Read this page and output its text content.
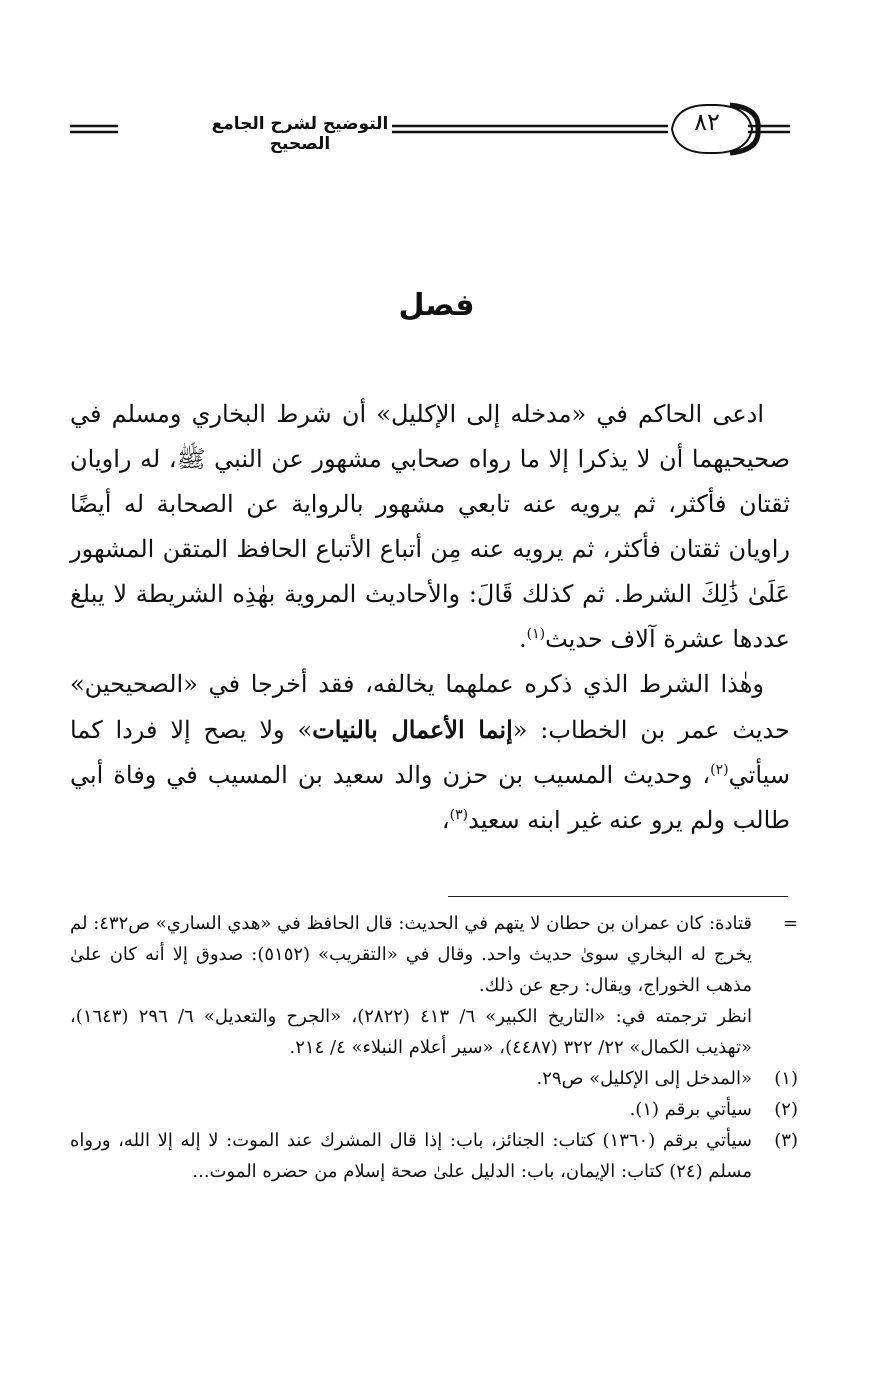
التوضيح لشرح الجامع الصحيح
٨٢
فصل

ادعى الحاكم في «مدخله إلى الإكليل» أن شرط البخاري ومسلم في صحيحيهما أن لا يذكرا إلا ما رواه صحابي مشهور عن النبي ﷺ، له راويان ثقتان فأكثر، ثم يرويه عنه تابعي مشهور بالرواية عن الصحابة له أيضًا راويان ثقتان فأكثر، ثم يرويه عنه مِن أتباع الأتباع الحافظ المتقن المشهور عَلَىٰ ذَٰلِكَ الشرط. ثم كذلك قَالَ: والأحاديث المروية بهٰذِه الشريطة لا يبلغ عددها عشرة آلاف حديث$^{(١)}$.

وهٰذا الشرط الذي ذكره عملهما يخالفه، فقد أخرجا في «الصحيحين» حديث عمر بن الخطاب: «إنما الأعمال بالنيات» ولا يصح إلا فردا كما سيأتي$^{(٢)}$، وحديث المسيب بن حزن والد سعيد بن المسيب في وفاة أبي طالب ولم يرو عنه غير ابنه سعيد$^{(٣)}$،

=
قتادة: كان عمران بن حطان لا يتهم في الحديث: قال الحافظ في «هدي الساري» ص٤٣٢: لم يخرج له البخاري سوىٰ حديث واحد. وقال في «التقريب» (٥١٥٢): صدوق إلا أنه كان علىٰ مذهب الخوراج، ويقال: رجع عن ذلك.
انظر ترجمته في: «التاريخ الكبير» ٦/ ٤١٣ (٢٨٢٢)، «الجرح والتعديل» ٦/ ٢٩٦ (١٦٤٣)، «تهذيب الكمال» ٢٢/ ٣٢٢ (٤٤٨٧)، «سير أعلام النبلاء» ٤/ ٢١٤.
(١)
«المدخل إلى الإكليل» ص٢٩.
(٢)
سيأتي برقم (١).
(٣)
سيأتي برقم (١٣٦٠) كتاب: الجنائز، باب: إذا قال المشرك عند الموت: لا إله إلا الله، ورواه مسلم (٢٤) كتاب: الإيمان، باب: الدليل علىٰ صحة إسلام من حضره الموت...
